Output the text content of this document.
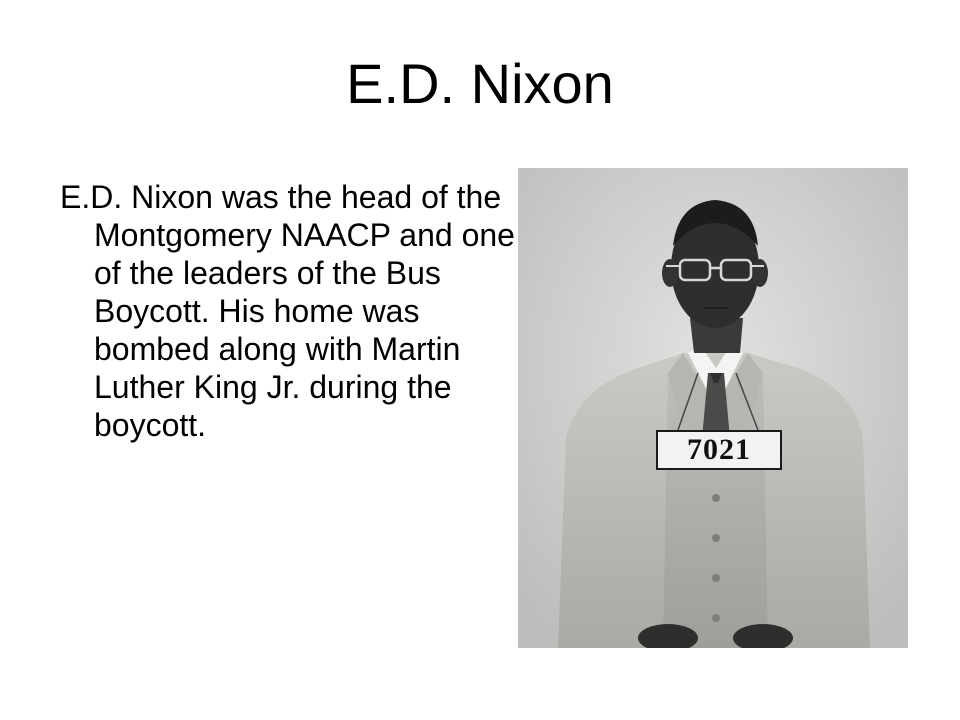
E.D. Nixon

E.D. Nixon was the head of the Montgomery NAACP and one of the leaders of the Bus Boycott. His home was bombed along with Martin Luther King Jr. during the boycott.

7021
